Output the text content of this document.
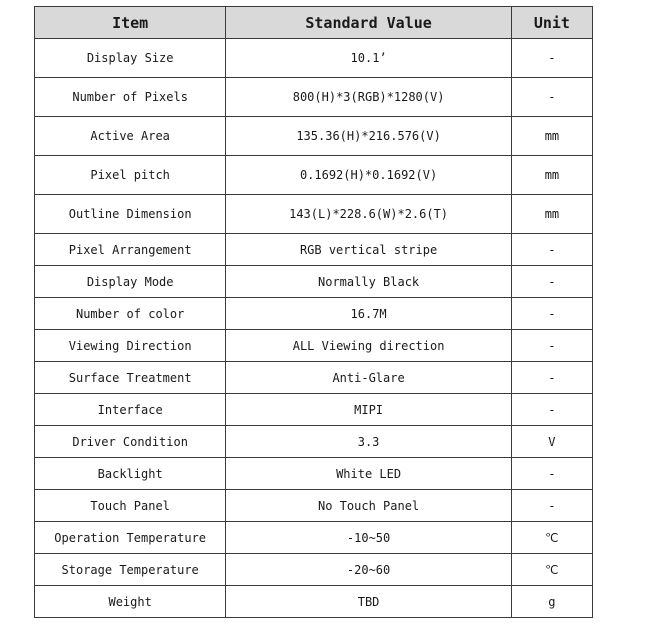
Item	Standard Value	Unit
Display Size	10.1’	-
Number of Pixels	800(H)*3(RGB)*1280(V)	-
Active Area	135.36(H)*216.576(V)	mm
Pixel pitch	0.1692(H)*0.1692(V)	mm
Outline Dimension	143(L)*228.6(W)*2.6(T)	mm
Pixel Arrangement	RGB vertical stripe	-
Display Mode	Normally Black	-
Number of color	16.7M	-
Viewing Direction	ALL Viewing direction	-
Surface Treatment	Anti-Glare	-
Interface	MIPI	-
Driver Condition	3.3	V
Backlight	White LED	-
Touch Panel	No Touch Panel	-
Operation Temperature	-10~50	℃
Storage Temperature	-20~60	℃
Weight	TBD	g
